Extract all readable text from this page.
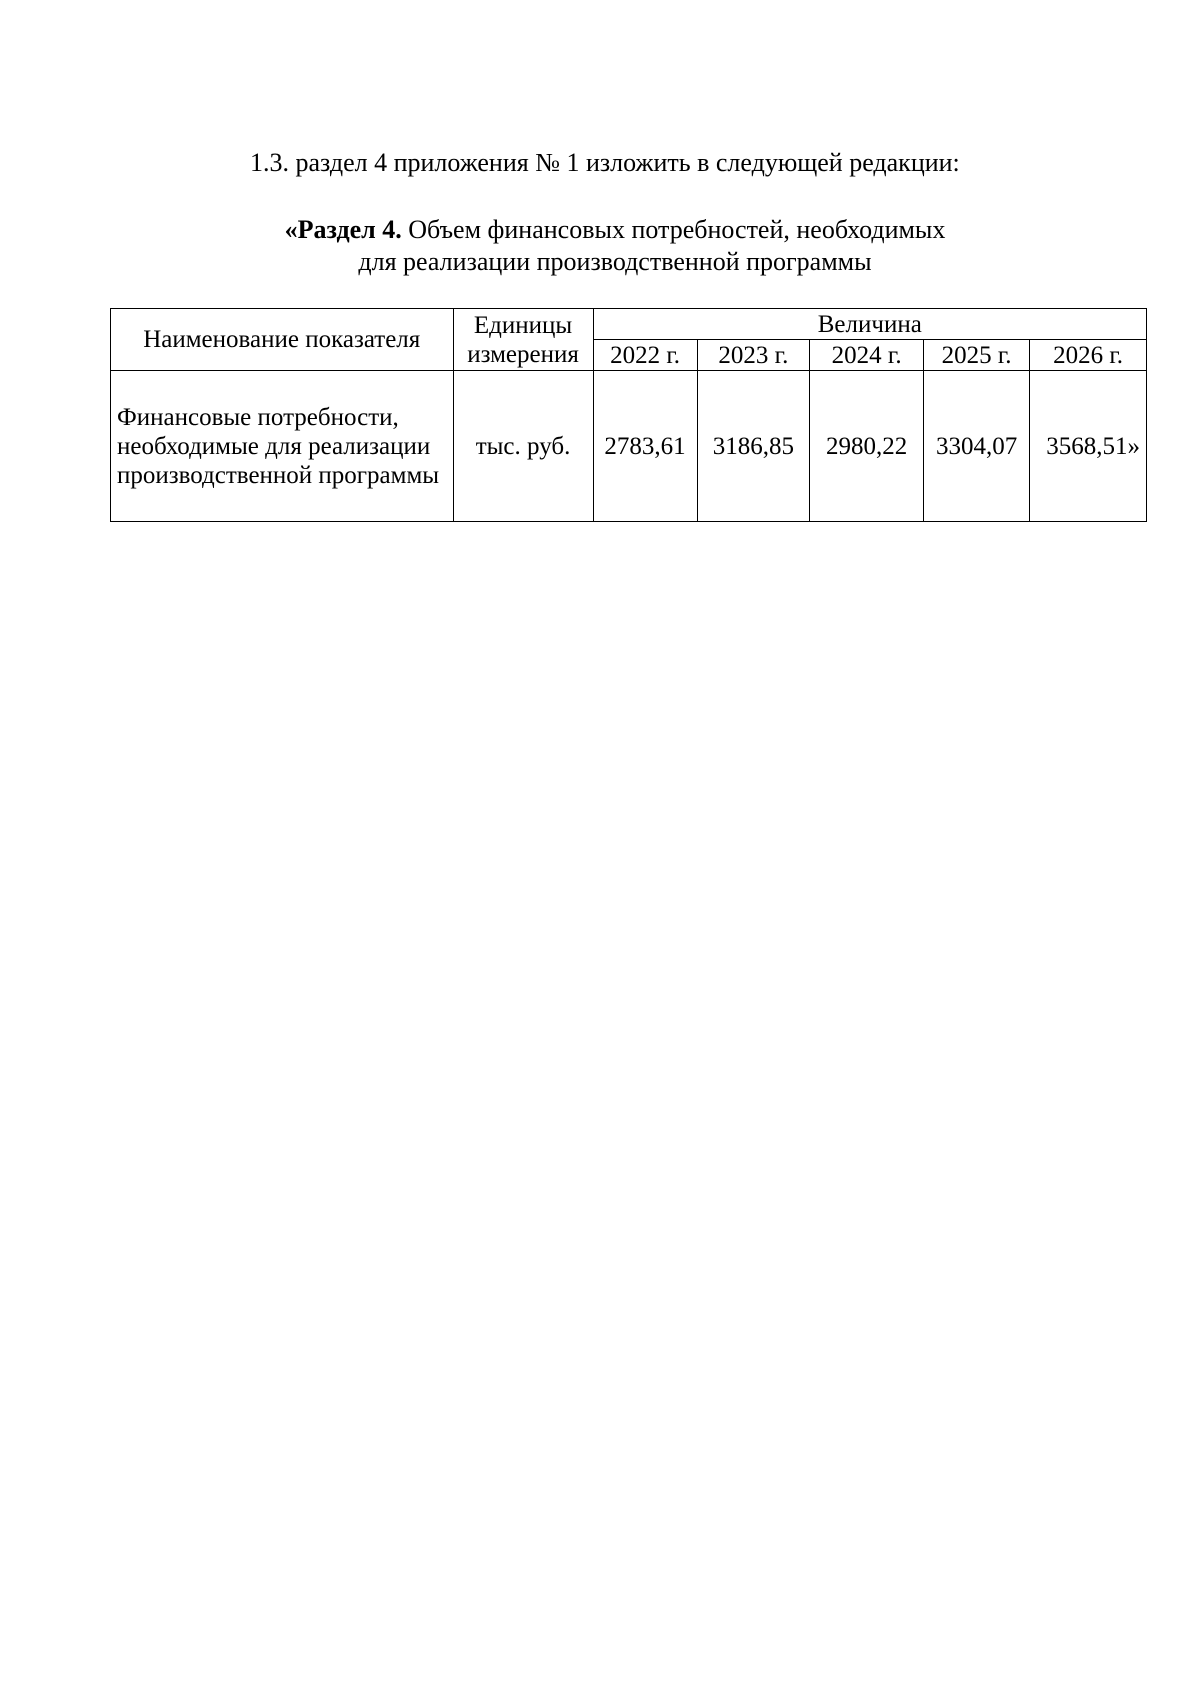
1.3. раздел 4 приложения № 1 изложить в следующей редакции:
«Раздел 4. Объем финансовых потребностей, необходимых
для реализации производственной программы
Наименование показателя	Единицы измерения	Величина				
		2022 г.	2023 г.	2024 г.	2025 г.	2026 г.
Финансовые потребности, необходимые для реализации производственной программы	тыс. руб.	2783,61	3186,85	2980,22	3304,07	3568,51»
